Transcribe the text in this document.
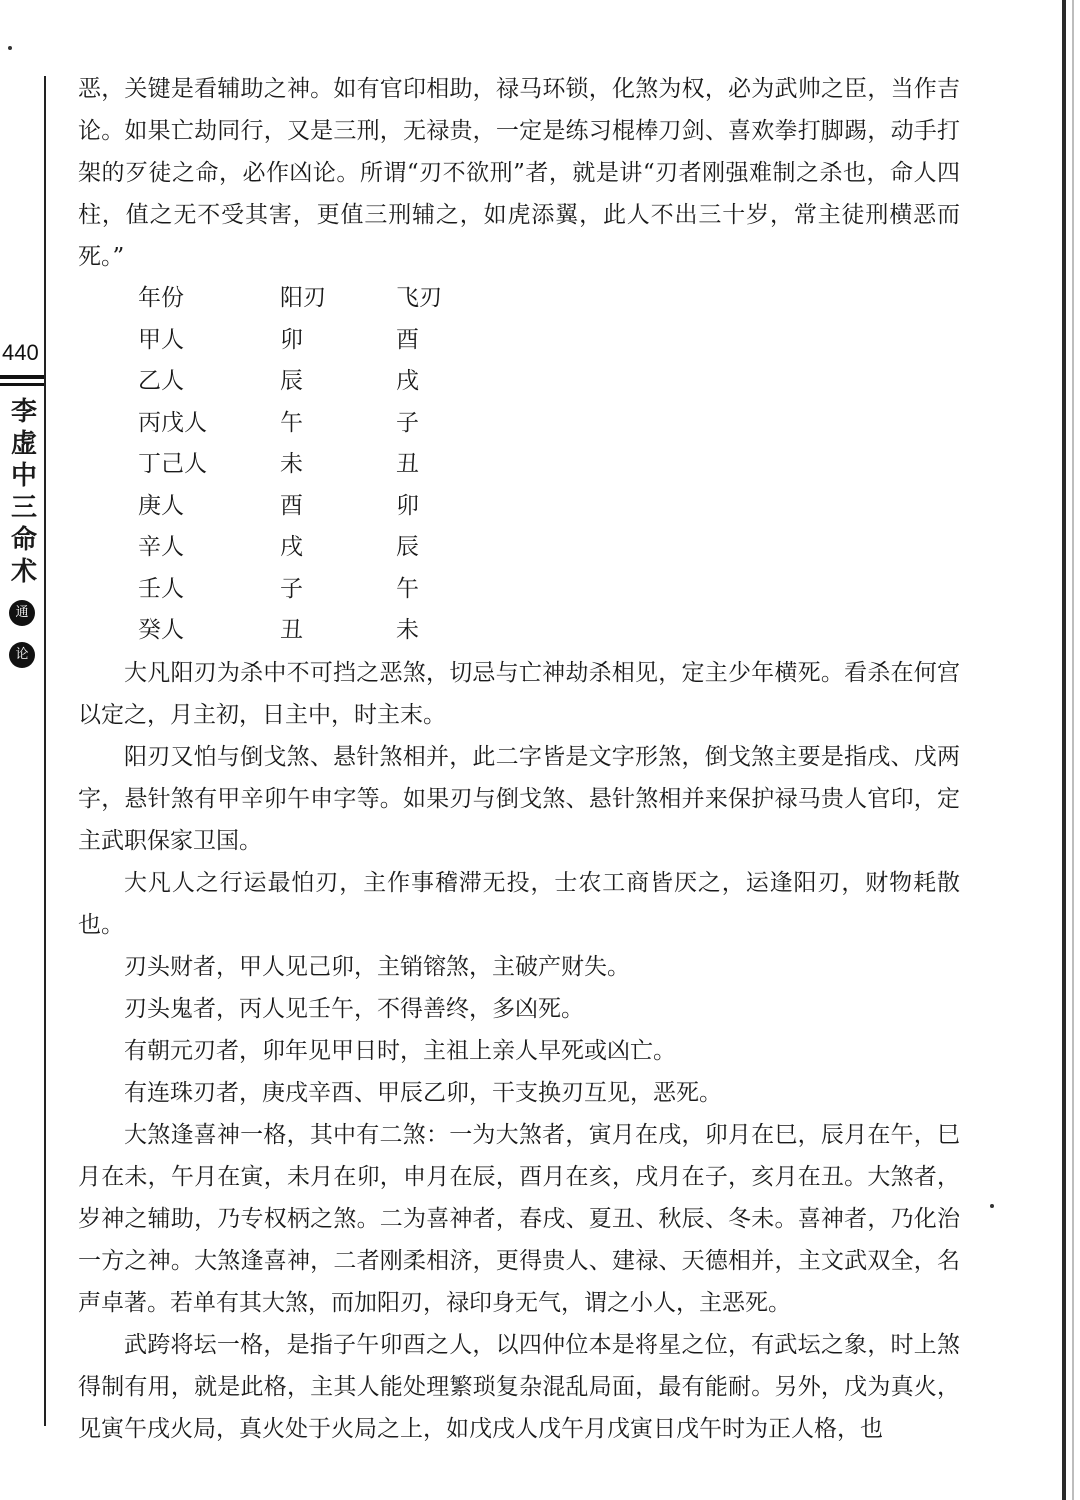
440
李虚中三命术
通
论

恶，关键是看辅助之神。如有官印相助，禄马环锁，化煞为权，必为武帅之臣，当作吉论。如果亡劫同行，又是三刑，无禄贵，一定是练习棍棒刀剑、喜欢拳打脚踢，动手打架的歹徒之命，必作凶论。所谓“刃不欲刑”者，就是讲“刃者刚强难制之杀也，命人四柱，值之无不受其害，更值三刑辅之，如虎添翼，此人不出三十岁，常主徒刑横恶而死。”

年份	阳刃	飞刃
甲人	卯	酉
乙人	辰	戌
丙戊人	午	子
丁己人	未	丑
庚人	酉	卯
辛人	戌	辰
壬人	子	午
癸人	丑	未

大凡阳刃为杀中不可挡之恶煞，切忌与亡神劫杀相见，定主少年横死。看杀在何宫以定之，月主初，日主中，时主末。

阳刃又怕与倒戈煞、悬针煞相并，此二字皆是文字形煞，倒戈煞主要是指戌、戊两字，悬针煞有甲辛卯午申字等。如果刃与倒戈煞、悬针煞相并来保护禄马贵人官印，定主武职保家卫国。

大凡人之行运最怕刃，主作事稽滞无投，士农工商皆厌之，运逢阳刃，财物耗散也。

刃头财者，甲人见己卯，主销镕煞，主破产财失。

刃头鬼者，丙人见壬午，不得善终，多凶死。

有朝元刃者，卯年见甲日时，主祖上亲人早死或凶亡。

有连珠刃者，庚戌辛酉、甲辰乙卯，干支换刃互见，恶死。

大煞逢喜神一格，其中有二煞：一为大煞者，寅月在戌，卯月在巳，辰月在午，巳月在未，午月在寅，未月在卯，申月在辰，酉月在亥，戌月在子，亥月在丑。大煞者，岁神之辅助，乃专权柄之煞。二为喜神者，春戌、夏丑、秋辰、冬未。喜神者，乃化治一方之神。大煞逢喜神，二者刚柔相济，更得贵人、建禄、天德相并，主文武双全，名声卓著。若单有其大煞，而加阳刃，禄印身无气，谓之小人，主恶死。

武跨将坛一格，是指子午卯酉之人，以四仲位本是将星之位，有武坛之象，时上煞得制有用，就是此格，主其人能处理繁琐复杂混乱局面，最有能耐。另外，戊为真火，见寅午戌火局，真火处于火局之上，如戊戌人戊午月戊寅日戊午时为正人格，也
